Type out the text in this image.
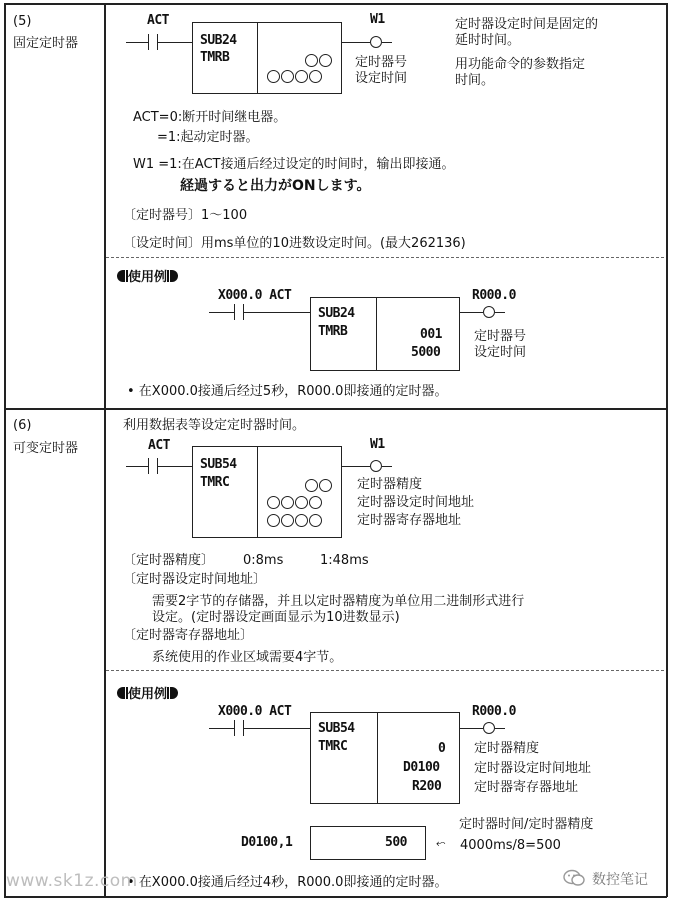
(5)
固定定时器
ACT
SUB24
TMRB
W1
定时器号
设定时间
定时器设定时间是固定的
延时时间。
用功能命令的参数指定
时间。
ACT=0:断开时间继电器。
=1:起动定时器。
W1 =1:在ACT接通后经过设定的时间时，输出即接通。
経過すると出力がONします。
〔定时器号〕1～100
〔设定时间〕用ms单位的10进数设定时间。(最大262136)
使用例
X000.0 ACT
SUB24
TMRB	001
5000
R000.0
定时器号
设定时间
• 在X000.0接通后经过5秒，R000.0即接通的定时器。
(6)
可变定时器
利用数据表等设定定时器时间。
ACT
SUB54
TMRC
W1
定时器精度
定时器设定时间地址
定时器寄存器地址
〔定时器精度〕 0:8ms	1:48ms
〔定时器设定时间地址〕
需要2字节的存储器，并且以定时器精度为单位用二进制形式进行
设定。(定时器设定画面显示为10进数显示)
〔定时器寄存器地址〕
系统使用的作业区域需要4字节。
使用例
X000.0 ACT
SUB54
TMRC	0
D0100
R200
R000.0
定时器精度
定时器设定时间地址
定时器寄存器地址
D0100,1	500
定时器时间/定时器精度
⬿ 4000ms/8=500
• 在X000.0接通后经过4秒，R000.0即接通的定时器。
www.sk1z.com	数控笔记
